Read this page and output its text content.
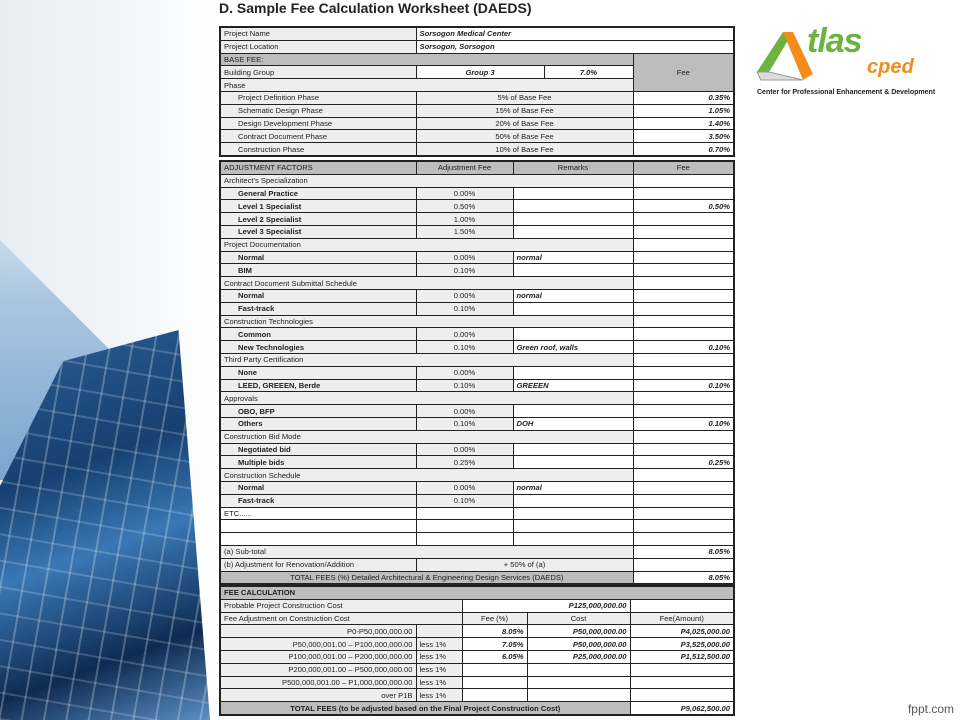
D. Sample Fee Calculation Worksheet (DAEDS)
tlas
cped
Center for Professional Enhancement & Development
Project Name	Sorsogon Medical Center		
Project Location	Sorsogon, Sorsogon		
BASE FEE:			Fee
Building Group	Group 3	7.0%	
Phase			
Project Definition Phase	5% of Base Fee		0.35%
Schematic Design Phase	15% of Base Fee		1.05%
Design Development Phase	20% of Base Fee		1.40%
Contract Document Phase	50% of Base Fee		3.50%
Construction Phase	10% of Base Fee		0.70%
ADJUSTMENT FACTORS	Adjustment Fee	Remarks	Fee
Architect's Specialization			
General Practice	0.00%		
Level 1 Specialist	0.50%		0.50%
Level 2 Specialist	1.00%		
Level 3 Specialist	1.50%		
Project Documentation			
Normal	0.00%	normal	
BIM	0.10%		
Contract Document Submittal Schedule			
Normal	0.00%	normal	
Fast-track	0.10%		
Construction Technologies			
Common	0.00%		
New Technologies	0.10%	Green roof, walls	0.10%
Third Party Certification			
None	0.00%		
LEED, GREEEN, Berde	0.10%	GREEEN	0.10%
Approvals			
OBO, BFP	0.00%		
Others	0.10%	DOH	0.10%
Construction Bid Mode			
Negotiated bid	0.00%		
Multiple bids	0.25%		0.25%
Construction Schedule			
Normal	0.00%	normal	
Fast-track	0.10%		
ETC......			

(a) Sub-total			8.05%
(b) Adjustment for Renovation/Addition	+ 50% of (a)		
TOTAL FEES (%) Detailed Architectural & Engineering Design Services (DAEDS)			8.05%
FEE CALCULATION				
Probable Project Construction Cost		P125,000,000.00		
Fee Adjustment on Construction Cost		Fee (%)	Cost	Fee(Amount)
P0-P50,000,000.00		8.05%	P50,000,000.00	P4,025,000.00
P50,000,001.00 – P100,000,000.00	less 1%	7.05%	P50,000,000.00	P3,525,000.00
P100,000,001.00 – P200,000,000.00	less 1%	6.05%	P25,000,000.00	P1,512,500.00
P200,000,001.00 – P500,000,000.00	less 1%			
P500,000,001.00 – P1,000,000,000.00	less 1%			
over P1B	less 1%			
TOTAL FEES (to be adjusted based on the Final Project Construction Cost)				P9,062,500.00	fppt.com
